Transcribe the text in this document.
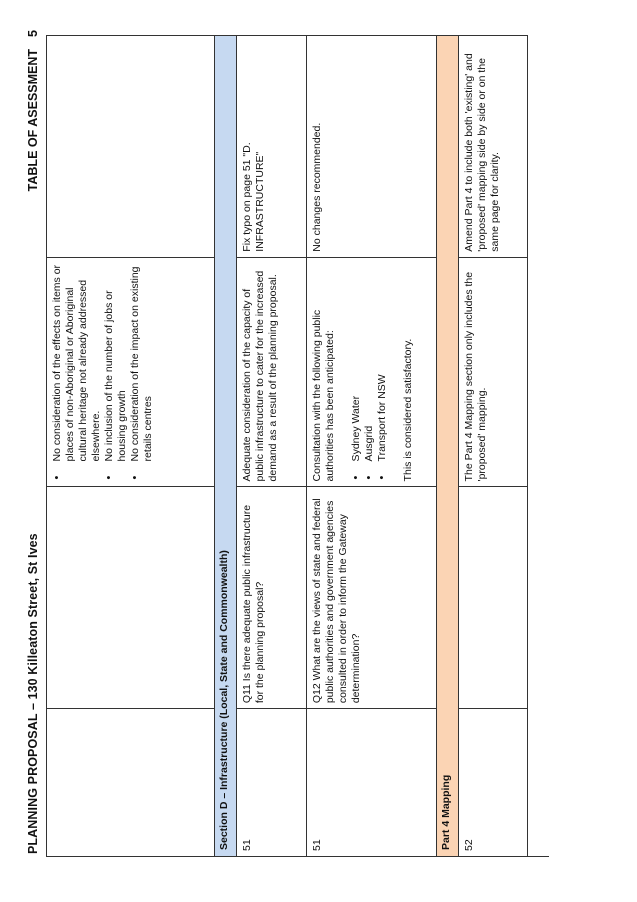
PLANNING PROPOSAL – 130 Killeaton Street, St Ives
TABLE OF ASESSMENT5
• No consideration of the effects on items or places of non-Aboriginal or Aboriginal cultural heritage not already addressed elsewhere. • No inclusion of the number of jobs or housing growth • No consideration of the impact on existing retails centres
Section D – Infrastructure (Local, State and Commonwealth)	51
Q11 Is there adequate public infrastructure for the planning proposal?
Adequate consideration of the capacity of public infrastructure to cater for the increased demand as a result of the planning proposal.
Fix typo on page 51 "D. INFRASTRUCTURE"
51
Q12 What are the views of state and federal public authorities and government agencies consulted in order to inform the Gateway determination?
Consultation with the following public authorities has been anticipated: • Sydney Water • Ausgrid • Transport for NSW This is considered satisfactory.
No changes recommended.
Part 4 Mapping	52
The Part 4 Mapping section only includes the 'proposed' mapping.
Amend Part 4 to include both 'existing' and 'proposed' mapping side by side or on the same page for clarity.
